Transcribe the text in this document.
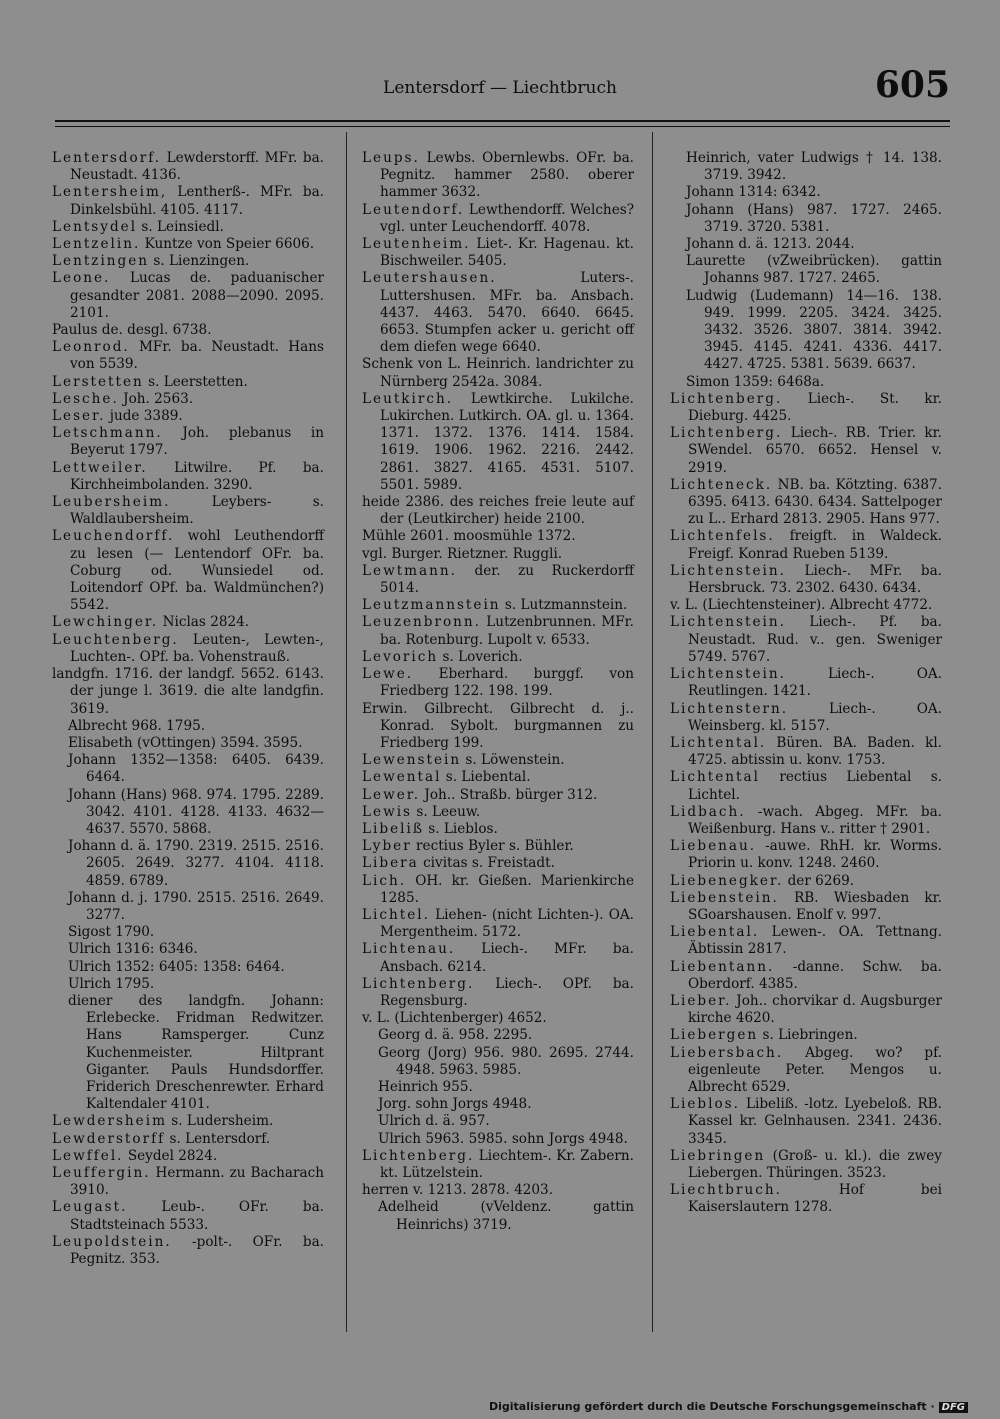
Lentersdorf — Liechtbruch	605
Lentersdorf. Lewderstorff. MFr. ba. Neustadt. 4136.
Lentersheim, Lentherß-. MFr. ba. Dinkelsbühl. 4105. 4117.
Lentsydel s. Leinsiedl.
Lentzelin. Kuntze von Speier 6606.
Lentzingen s. Lienzingen.
Leone. Lucas de. paduanischer gesandter 2081. 2088—2090. 2095. 2101.
Paulus de. desgl. 6738.
Leonrod. MFr. ba. Neustadt. Hans von 5539.
Lerstetten s. Leerstetten.
Lesche. Joh. 2563.
Leser. jude 3389.
Letschmann. Joh. plebanus in Beyerut 1797.
Lettweiler. Litwilre. Pf. ba. Kirchheimbolanden. 3290.
Leubersheim.	Leybers- s. Waldlaubersheim.
Leuchendorff. wohl Leuthendorff zu lesen (— Lentendorf OFr. ba. Coburg od. Wunsiedel od. Loitendorf OPf. ba. Waldmünchen?) 5542.
Lewchinger. Niclas 2824.
Leuchtenberg. Leuten-, Lewten-, Luchten-. OPf. ba. Vohenstrauß.
landgfn. 1716. der landgf. 5652. 6143. der junge l. 3619. die alte landgfin. 3619.
Albrecht 968. 1795.
Elisabeth (vOttingen) 3594. 3595.
Johann 1352—1358: 6405. 6439. 6464.
Johann (Hans) 968. 974. 1795. 2289. 3042. 4101. 4128. 4133. 4632—4637. 5570. 5868.
Johann d. ä. 1790. 2319. 2515. 2516. 2605. 2649. 3277. 4104. 4118. 4859. 6789.
Johann d. j. 1790. 2515. 2516. 2649. 3277.
Sigost 1790.
Ulrich 1316: 6346.
Ulrich 1352: 6405: 1358: 6464.
Ulrich 1795.
diener des landgfn. Johann: Erlebecke. Fridman Redwitzer. Hans Ramsperger. Cunz Kuchenmeister. Hiltprant Giganter. Pauls Hundsdorffer. Friderich Dreschenrewter. Erhard Kaltendaler 4101.
Lewdersheim s. Ludersheim.
Lewderstorff s. Lentersdorf.
Lewffel. Seydel 2824.
Leuffergin. Hermann. zu Bacharach 3910.
Leugast.	Leub-. OFr. ba. Stadtsteinach 5533.
Leupoldstein. -polt-. OFr. ba. Pegnitz. 353.
Leups. Lewbs. Obernlewbs. OFr. ba. Pegnitz. hammer 2580. oberer hammer 3632.
Leutendorf. Lewthendorff. Welches? vgl. unter Leuchendorff. 4078.
Leutenheim. Liet-. Kr. Hagenau. kt. Bischweiler. 5405.
Leutershausen.	Luters-. Luttershusen. MFr. ba. Ansbach. 4437. 4463. 5470. 6640. 6645. 6653. Stumpfen acker u. gericht off dem diefen wege 6640.
Schenk von L. Heinrich. landrichter zu Nürnberg 2542a. 3084.
Leutkirch. Lewtkirche. Lukilche. Lukirchen. Lutkirch. OA. gl. u. 1364. 1371. 1372. 1376. 1414. 1584. 1619. 1906. 1962. 2216. 2442. 2861. 3827. 4165. 4531. 5107. 5501. 5989.
heide 2386. des reiches freie leute auf der (Leutkircher) heide 2100.
Mühle 2601. moosmühle 1372.
vgl. Burger. Rietzner. Ruggli.
Lewtmann. der. zu Ruckerdorff 5014.
Leutzmannstein s. Lutzmannstein.
Leuzenbronn. Lutzenbrunnen. MFr. ba. Rotenburg. Lupolt v. 6533.
Levorich s. Loverich.
Lewe. Eberhard. burggf. von Friedberg 122. 198. 199.
Erwin. Gilbrecht. Gilbrecht d. j.. Konrad. Sybolt. burgmannen zu Friedberg 199.
Lewenstein s. Löwenstein.
Lewental s. Liebental.
Lewer. Joh.. Straßb. bürger 312.
Lewis s. Leeuw.
Libeliß s. Lieblos.
Lyber rectius Byler s. Bühler.
Libera civitas s. Freistadt.
Lich. OH. kr. Gießen. Marienkirche 1285.
Lichtel. Liehen- (nicht Lichten-). OA. Mergentheim. 5172.
Lichtenau. Liech-. MFr. ba. Ansbach. 6214.
Lichtenberg. Liech-. OPf. ba. Regensburg.
v. L. (Lichtenberger) 4652.
Georg d. ä. 958. 2295.
Georg (Jorg) 956. 980. 2695. 2744. 4948. 5963. 5985.
Heinrich 955.
Jorg. sohn Jorgs 4948.
Ulrich d. ä. 957.
Ulrich 5963. 5985. sohn Jorgs 4948.
Lichtenberg. Liechtem-. Kr. Zabern. kt. Lützelstein.
herren v. 1213. 2878. 4203.
Adelheid (vVeldenz. gattin Heinrichs) 3719.
Heinrich, vater Ludwigs † 14. 138. 3719. 3942.
Johann 1314: 6342.
Johann (Hans) 987. 1727. 2465. 3719. 3720. 5381.
Johann d. ä. 1213. 2044.
Laurette (vZweibrücken). gattin Johanns 987. 1727. 2465.
Ludwig (Ludemann) 14—16. 138. 949. 1999. 2205. 3424. 3425. 3432. 3526. 3807. 3814. 3942. 3945. 4145. 4241. 4336. 4417. 4427. 4725. 5381. 5639. 6637.
Simon 1359: 6468a.
Lichtenberg. Liech-. St. kr. Dieburg. 4425.
Lichtenberg. Liech-. RB. Trier. kr. SWendel. 6570. 6652. Hensel v. 2919.
Lichteneck. NB. ba. Kötzting. 6387. 6395. 6413. 6430. 6434. Sattelpoger zu L.. Erhard 2813. 2905. Hans 977.
Lichtenfels. freigft. in Waldeck. Freigf. Konrad Rueben 5139.
Lichtenstein. Liech-. MFr. ba. Hersbruck. 73. 2302. 6430. 6434.
v. L. (Liechtensteiner). Albrecht 4772.
Lichtenstein. Liech-. Pf. ba. Neustadt. Rud. v.. gen. Sweniger 5749. 5767.
Lichtenstein.	Liech-. OA. Reutlingen. 1421.
Lichtenstern.	Liech-. OA. Weinsberg. kl. 5157.
Lichtental. Büren. BA. Baden. kl. 4725. abtissin u. konv. 1753.
Lichtental rectius Liebental s. Lichtel.
Lidbach. -wach. Abgeg. MFr. ba. Weißenburg. Hans v.. ritter † 2901.
Liebenau. -auwe. RhH. kr. Worms. Priorin u. konv. 1248. 2460.
Liebenegker. der 6269.
Liebenstein. RB. Wiesbaden kr. SGoarshausen. Enolf v. 997.
Liebental. Lewen-. OA. Tettnang. Äbtissin 2817.
Liebentann. -danne. Schw. ba. Oberdorf. 4385.
Lieber. Joh.. chorvikar d. Augsburger kirche 4620.
Liebergen s. Liebringen.
Liebersbach. Abgeg. wo? pf. eigenleute Peter. Mengos u. Albrecht 6529.
Lieblos. Libeliß. -lotz. Lyebeloß. RB. Kassel kr. Gelnhausen. 2341. 2436. 3345.
Liebringen (Groß- u. kl.). die zwey Liebergen. Thüringen. 3523.
Liechtbruch.	Hof bei Kaiserslautern 1278.
Digitalisierung gefördert durch die Deutsche Forschungsgemeinschaft · DFG
